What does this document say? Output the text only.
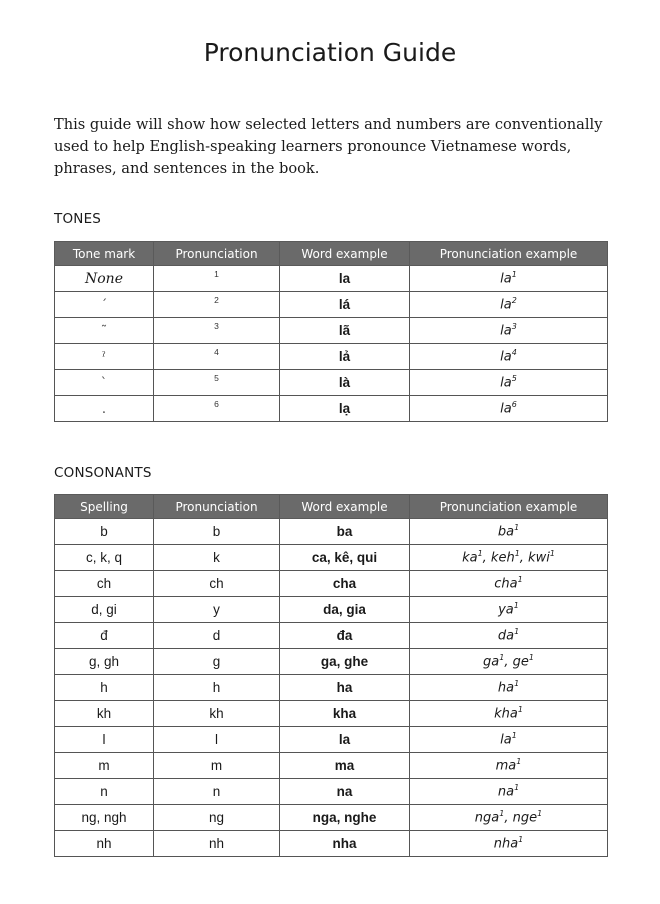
Pronunciation Guide

This guide will show how selected letters and numbers are conventionally used to help English-speaking learners pronounce Vietnamese words, phrases, and sentences in the book.

TONES
Tone mark	Pronunciation	Word example	Pronunciation example
None	$^1$	la	$la^1$
´	$^2$	lá	$la^2$
˜	$^3$	lã	$la^3$
ˀ	$^4$	lả	$la^4$
`	$^5$	là	$la^5$
.	$^6$	lạ	$la^6$
CONSONANTS
Spelling	Pronunciation	Word example	Pronunciation example
b	b	ba	$ba^1$
c, k, q	k	ca, kê, qui	$ka^1$, keh$^1$, kwi$^1$
ch	ch	cha	cha$^1$
d, gi	y	da, gia	$ya^1$
đ	d	đa	$da^1$
g, gh	g	ga, ghe	$ga^1$, $ge^1$
h	h	ha	$ha^1$
kh	kh	kha	kha$^1$
l	l	la	$la^1$
m	m	ma	$ma^1$
n	n	na	$na^1$
ng, ngh	ng	nga, nghe	nga$^1$, nge$^1$
nh	nh	nha	nha$^1$
